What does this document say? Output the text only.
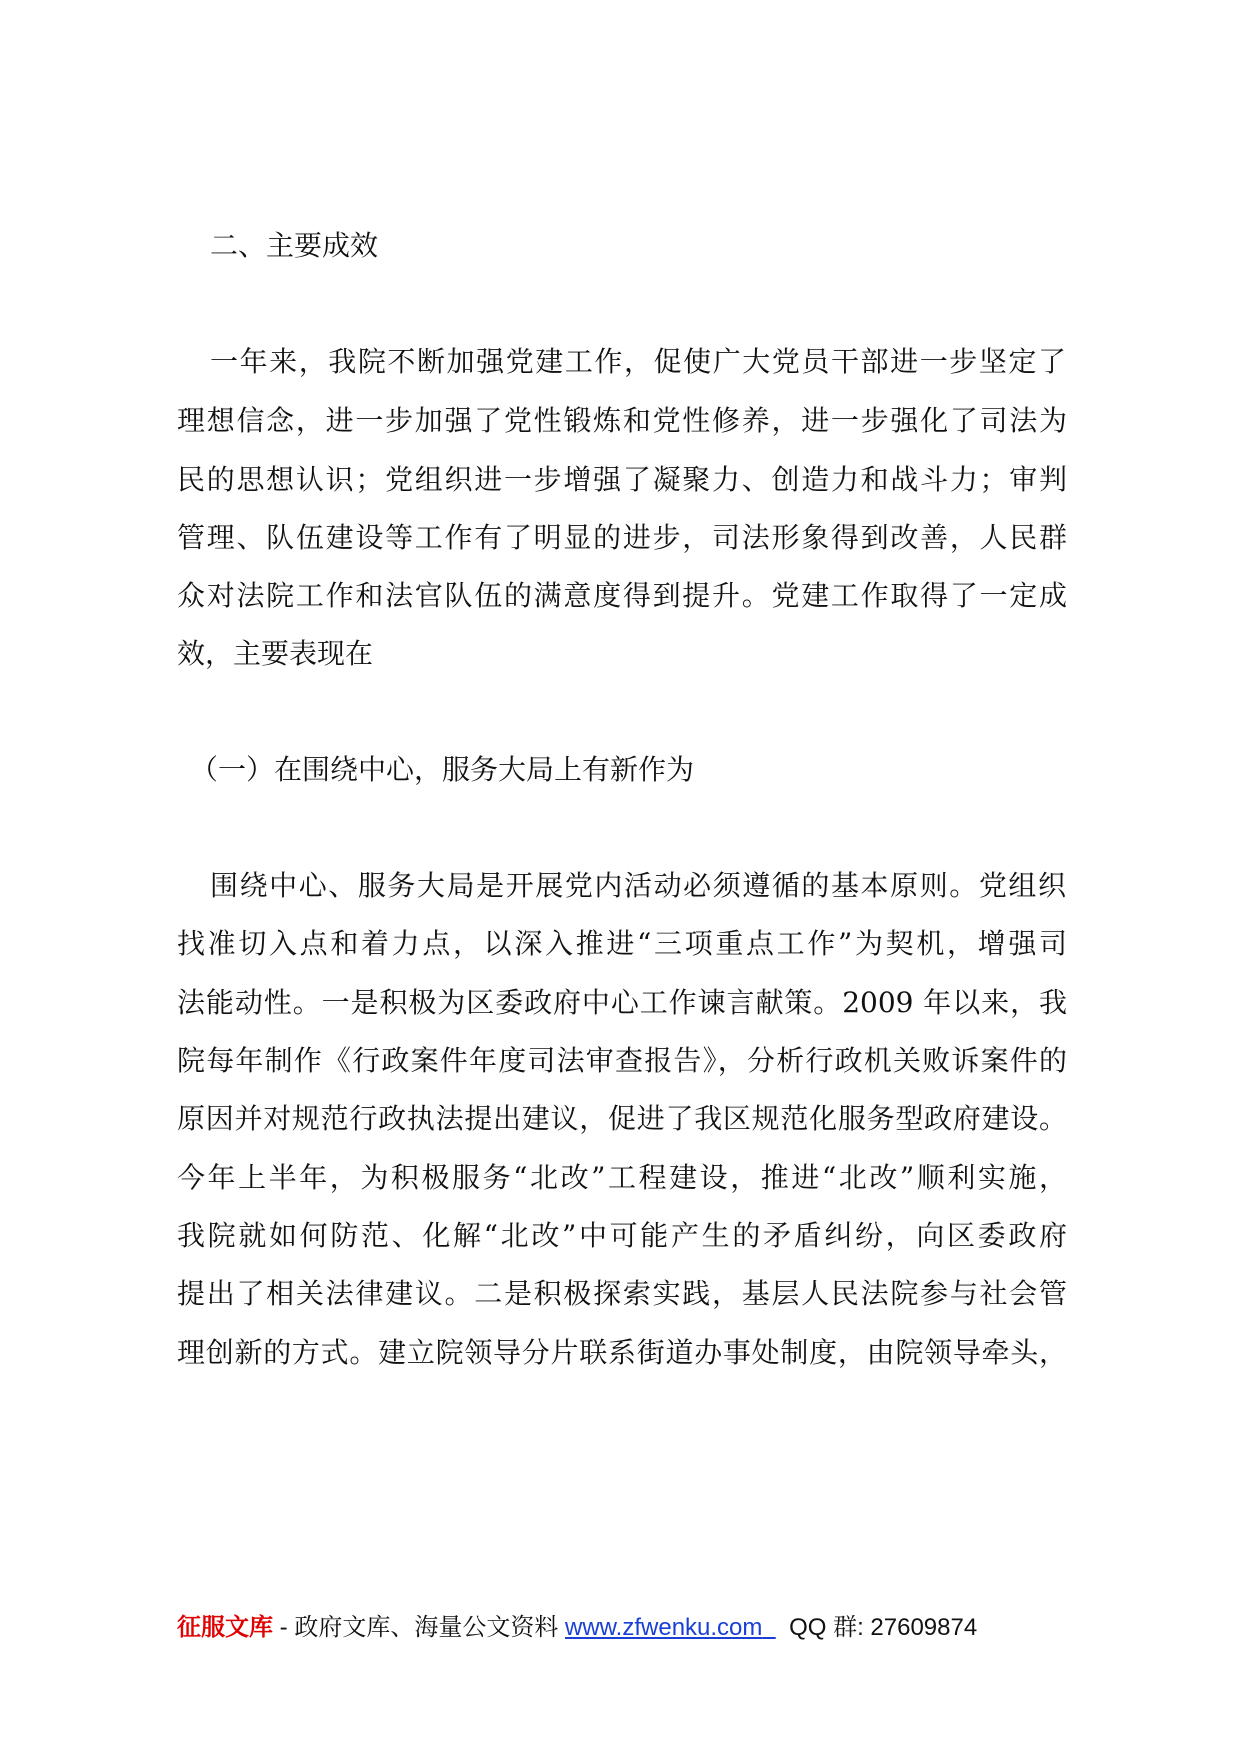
二、主要成效

一年来，我院不断加强党建工作，促使广大党员干部进一步坚定了

理想信念，进一步加强了党性锻炼和党性修养，进一步强化了司法为

民的思想认识；党组织进一步增强了凝聚力、创造力和战斗力；审判

管理、队伍建设等工作有了明显的进步，司法形象得到改善，人民群

众对法院工作和法官队伍的满意度得到提升。党建工作取得了一定成

效，主要表现在

（一）在围绕中心，服务大局上有新作为

围绕中心、服务大局是开展党内活动必须遵循的基本原则。党组织

找准切入点和着力点，以深入推进“三项重点工作”为契机，增强司

法能动性。一是积极为区委政府中心工作谏言献策。2009 年以来，我

院每年制作《行政案件年度司法审查报告》，分析行政机关败诉案件的

原因并对规范行政执法提出建议，促进了我区规范化服务型政府建设。

今年上半年，为积极服务“北改”工程建设，推进“北改”顺利实施，

我院就如何防范、化解“北改”中可能产生的矛盾纠纷，向区委政府

提出了相关法律建议。二是积极探索实践，基层人民法院参与社会管

理创新的方式。建立院领导分片联系街道办事处制度，由院领导牵头，

征服文库 - 政府文库、海量公文资料 www.zfwenku.com QQ 群: 27609874
